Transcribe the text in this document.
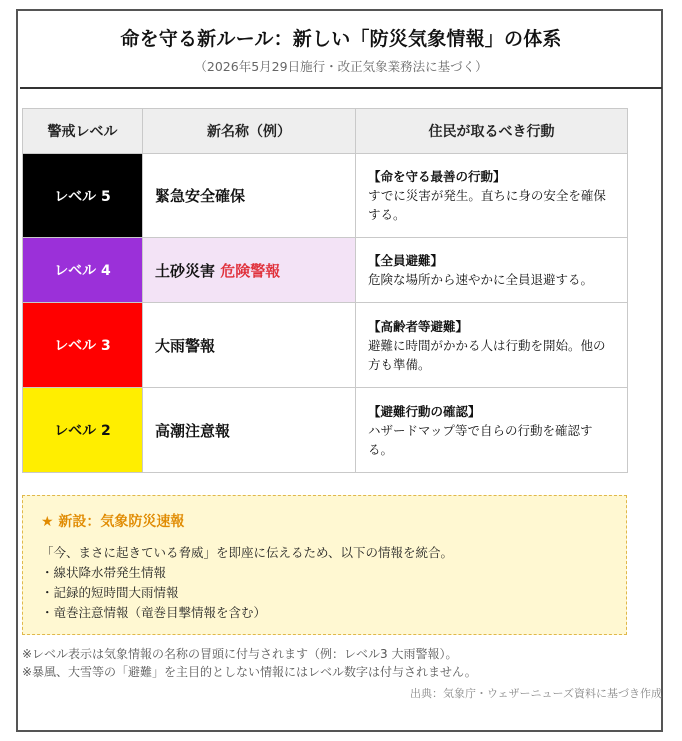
命を守る新ルール：新しい「防災気象情報」の体系
（2026年5月29日施行・改正気象業務法に基づく）
警戒レベル	新名称（例）	住民が取るべき行動
レベル 5	緊急安全確保	【命を守る最善の行動】
すでに災害が発生。直ちに身の安全を確保する。
レベル 4	土砂災害 危険警報	【全員避難】
危険な場所から速やかに全員退避する。
レベル 3	大雨警報	【高齢者等避難】
避難に時間がかかる人は行動を開始。他の方も準備。
レベル 2	高潮注意報	【避難行動の確認】
ハザードマップ等で自らの行動を確認する。
★ 新設：気象防災速報
「今、まさに起きている脅威」を即座に伝えるため、以下の情報を統合。
・線状降水帯発生情報
・記録的短時間大雨情報
・竜巻注意情報（竜巻目撃情報を含む）
※レベル表示は気象情報の名称の冒頭に付与されます（例：レベル3 大雨警報）。
※暴風、大雪等の「避難」を主目的としない情報にはレベル数字は付与されません。
出典：気象庁・ウェザーニューズ資料に基づき作成
